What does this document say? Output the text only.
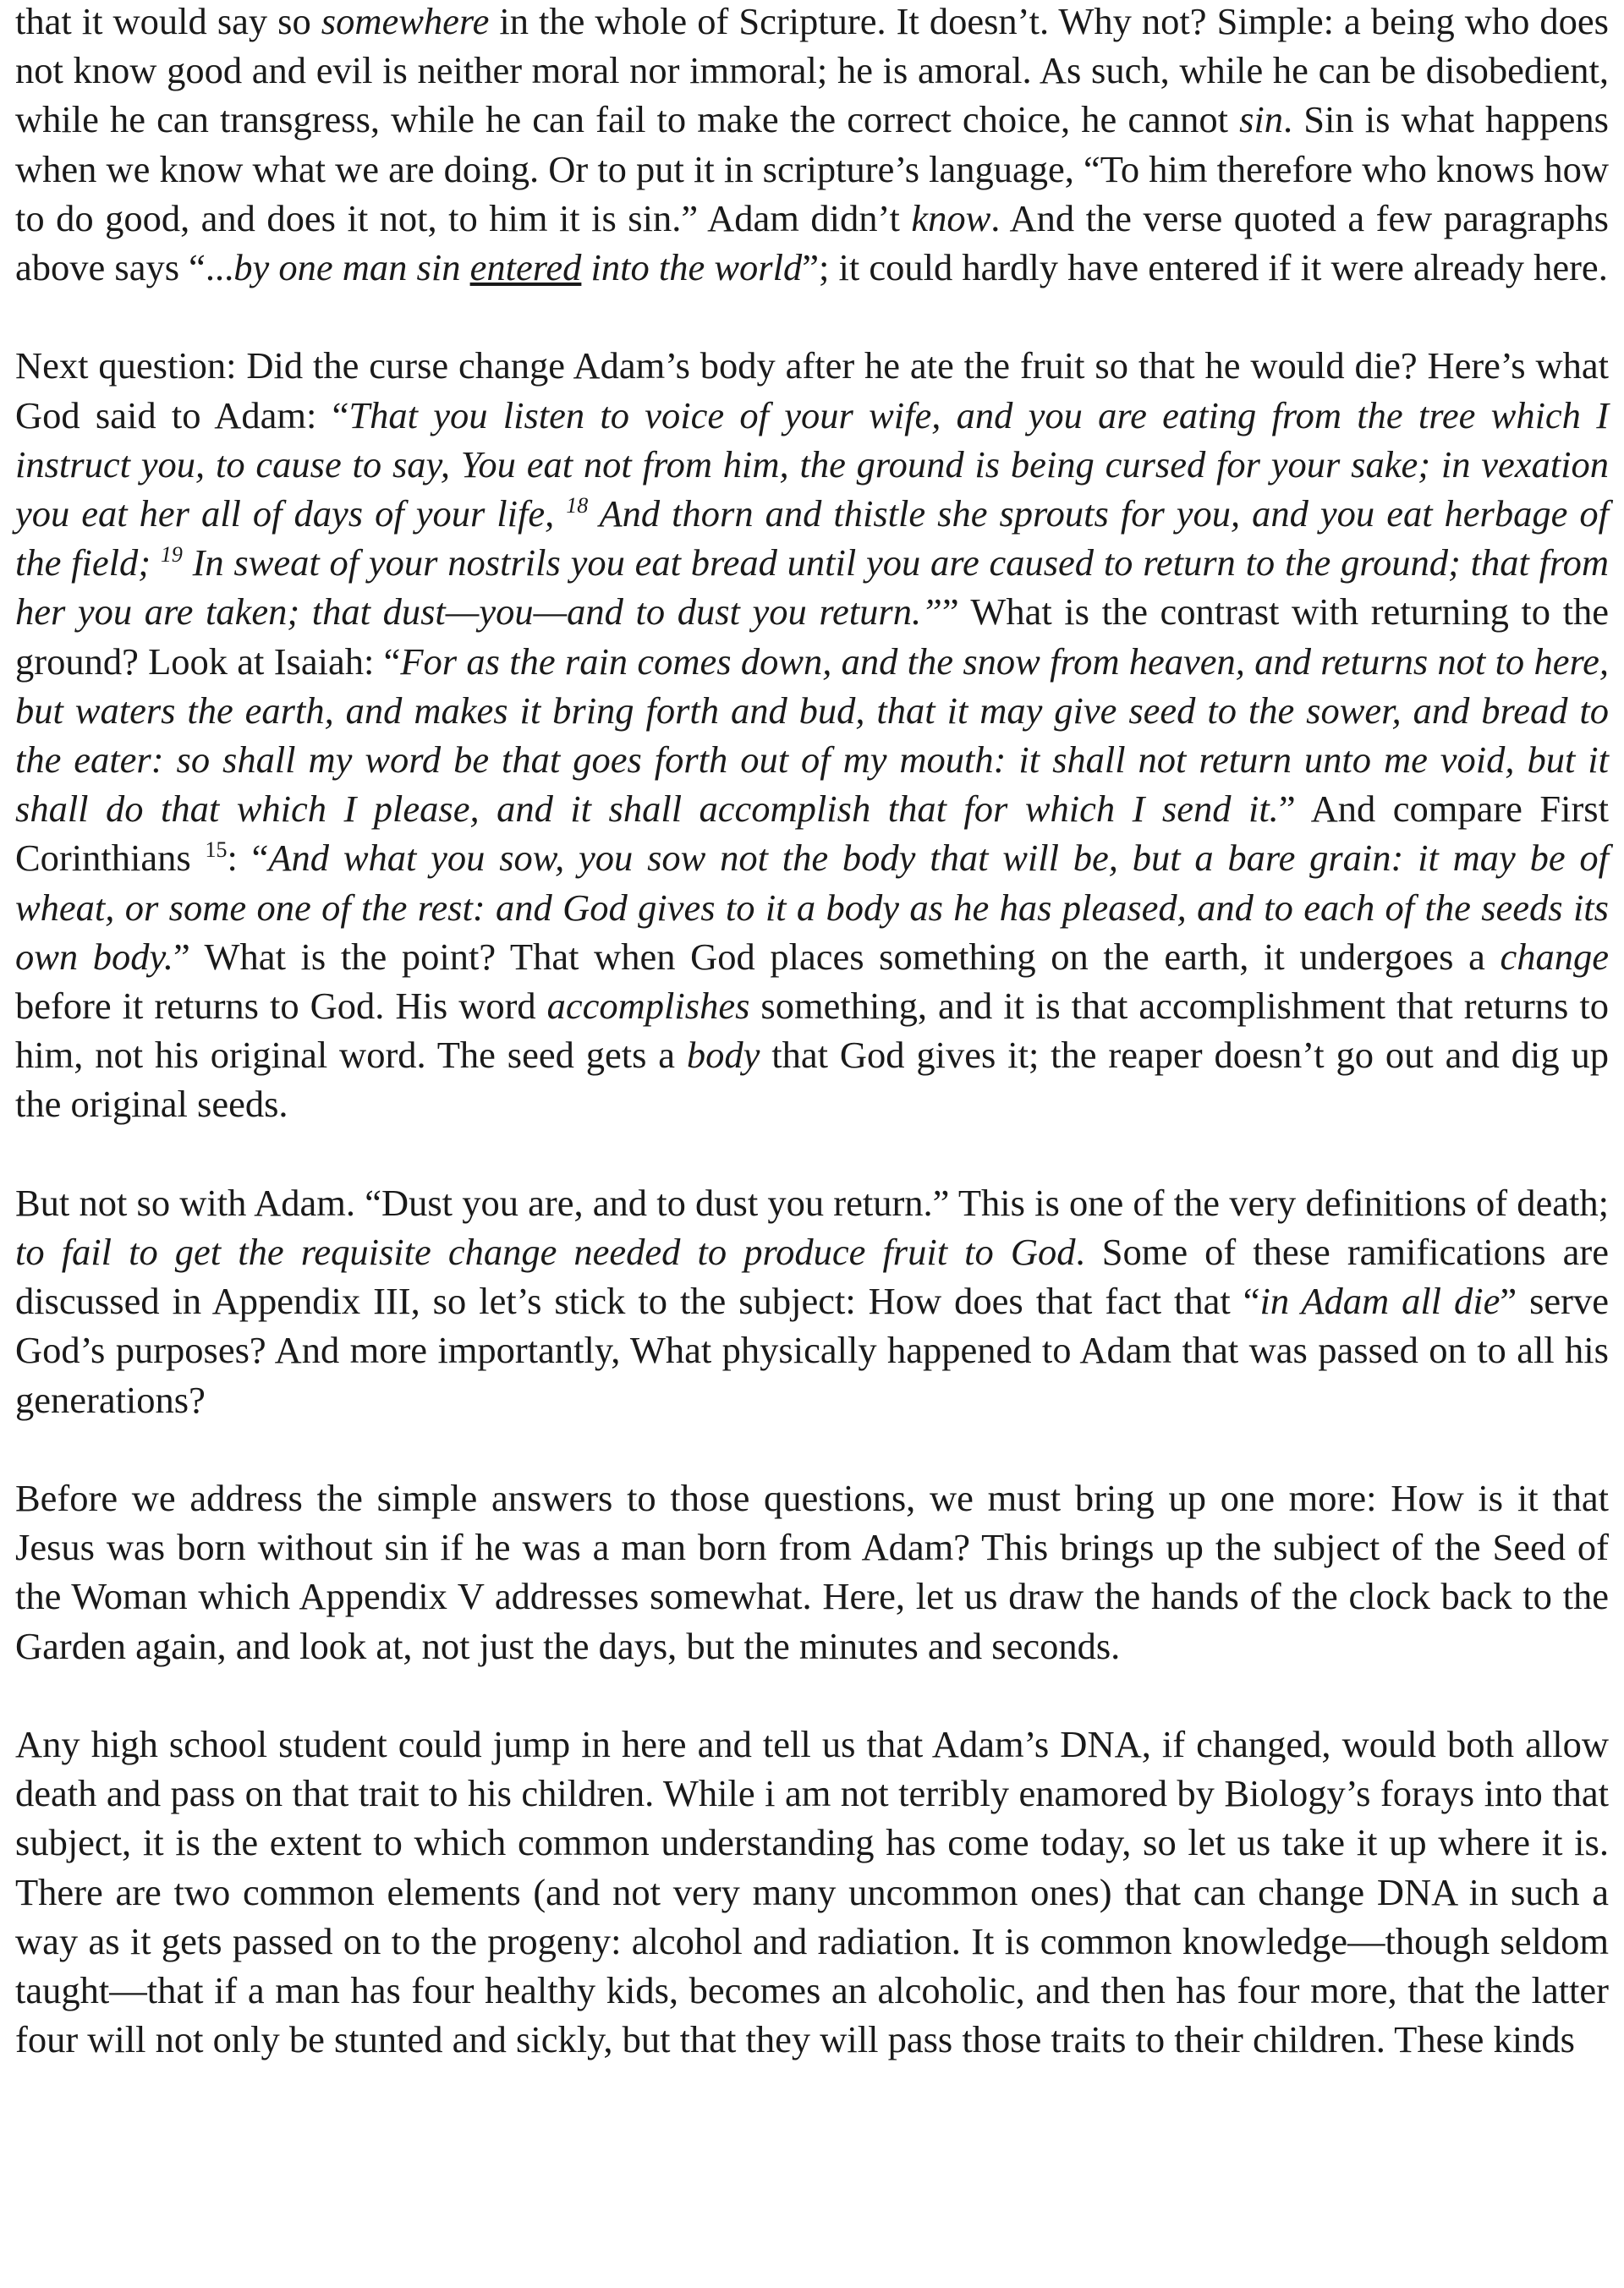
that it would say so somewhere in the whole of Scripture. It doesn’t. Why not? Simple: a being who does not know good and evil is neither moral nor immoral; he is amoral. As such, while he can be disobedient, while he can transgress, while he can fail to make the correct choice, he cannot sin. Sin is what happens when we know what we are doing. Or to put it in scripture’s language, “To him therefore who knows how to do good, and does it not, to him it is sin.” Adam didn’t know. And the verse quoted a few paragraphs above says “...by one man sin entered into the world”; it could hardly have entered if it were already here.

Next question: Did the curse change Adam’s body after he ate the fruit so that he would die? Here’s what God said to Adam: “That you listen to voice of your wife, and you are eating from the tree which I instruct you, to cause to say, You eat not from him, the ground is being cursed for your sake; in vexation you eat her all of days of your life, $^{18}$ And thorn and thistle she sprouts for you, and you eat herbage of the field; $^{19}$ In sweat of your nostrils you eat bread until you are caused to return to the ground; that from her you are taken; that dust—you—and to dust you return.”” What is the contrast with returning to the ground? Look at Isaiah: “For as the rain comes down, and the snow from heaven, and returns not to here, but waters the earth, and makes it bring forth and bud, that it may give seed to the sower, and bread to the eater: so shall my word be that goes forth out of my mouth: it shall not return unto me void, but it shall do that which I please, and it shall accomplish that for which I send it.” And compare First Corinthians $^{15}$: “And what you sow, you sow not the body that will be, but a bare grain: it may be of wheat, or some one of the rest: and God gives to it a body as he has pleased, and to each of the seeds its own body.” What is the point? That when God places something on the earth, it undergoes a change before it returns to God. His word accomplishes something, and it is that accomplishment that returns to him, not his original word. The seed gets a body that God gives it; the reaper doesn’t go out and dig up the original seeds.

But not so with Adam. “Dust you are, and to dust you return.” This is one of the very definitions of death; to fail to get the requisite change needed to produce fruit to God. Some of these ramifications are discussed in Appendix III, so let’s stick to the subject: How does that fact that “in Adam all die” serve God’s purposes? And more importantly, What physically happened to Adam that was passed on to all his generations?

Before we address the simple answers to those questions, we must bring up one more: How is it that Jesus was born without sin if he was a man born from Adam? This brings up the subject of the Seed of the Woman which Appendix V addresses somewhat. Here, let us draw the hands of the clock back to the Garden again, and look at, not just the days, but the minutes and seconds.

Any high school student could jump in here and tell us that Adam’s DNA, if changed, would both allow death and pass on that trait to his children. While i am not terribly enamored by Biology’s forays into that subject, it is the extent to which common understanding has come today, so let us take it up where it is. There are two common elements (and not very many uncommon ones) that can change DNA in such a way as it gets passed on to the progeny: alcohol and radiation. It is common knowledge—though seldom taught—that if a man has four healthy kids, becomes an alcoholic, and then has four more, that the latter four will not only be stunted and sickly, but that they will pass those traits to their children. These kinds
